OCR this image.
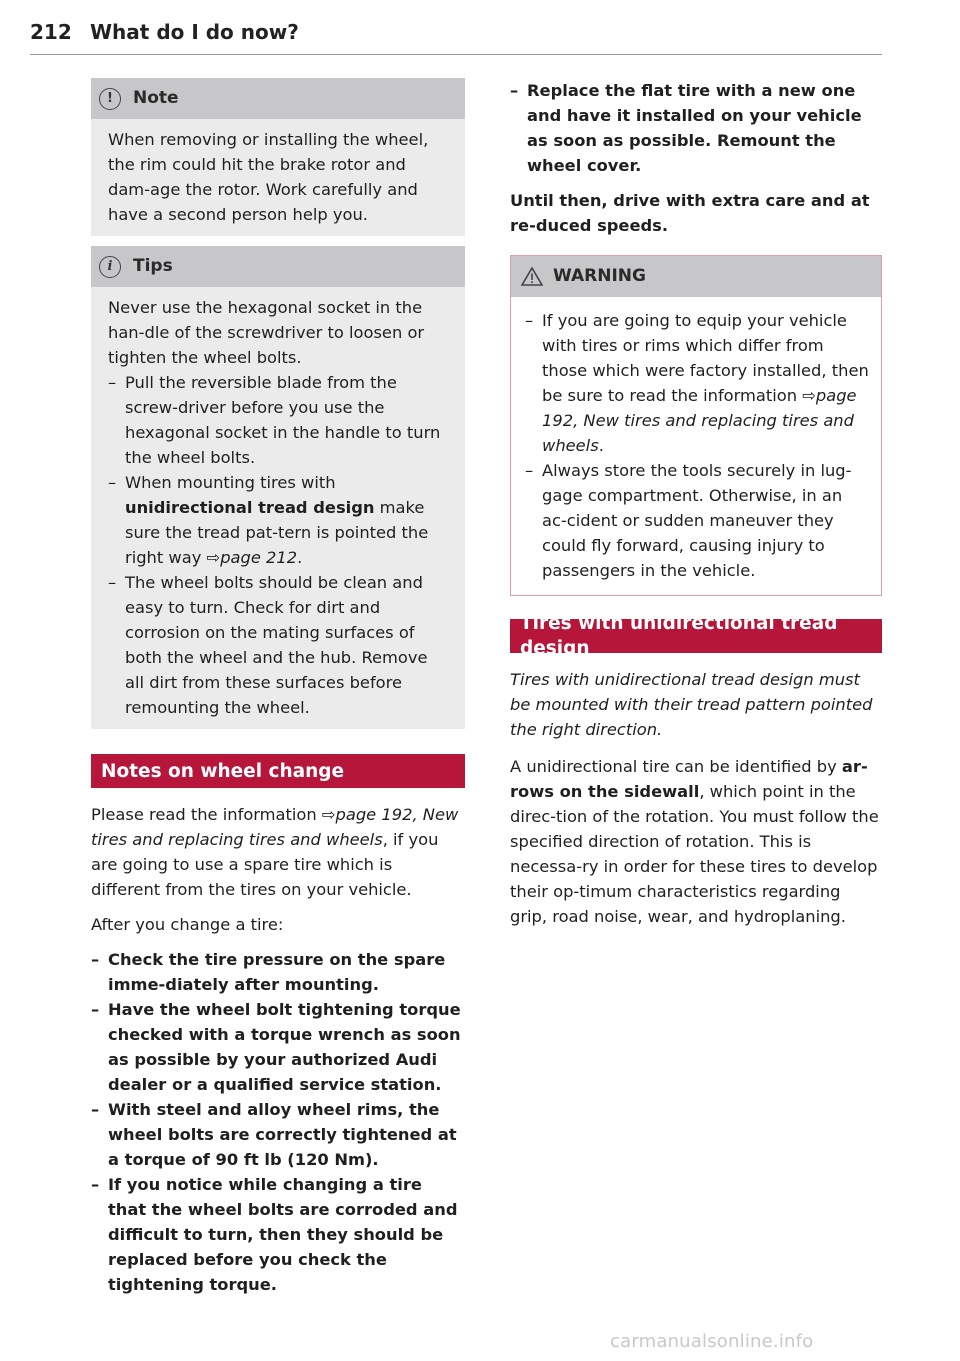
212 What do I do now?
!	Note

When removing or installing the wheel, the rim could hit the brake rotor and dam-age the rotor. Work carefully and have a second person help you.

i	Tips

Never use the hexagonal socket in the han-dle of the screwdriver to loosen or tighten the wheel bolts.

– Pull the reversible blade from the screw-driver before you use the hexagonal socket in the handle to turn the wheel bolts.
– When mounting tires with unidirectional tread design make sure the tread pat-tern is pointed the right way ⇨page 212.
– The wheel bolts should be clean and easy to turn. Check for dirt and corrosion on the mating surfaces of both the wheel and the hub. Remove all dirt from these surfaces before remounting the wheel.
Notes on wheel change

Please read the information ⇨page 192, New tires and replacing tires and wheels, if you are going to use a spare tire which is different from the tires on your vehicle.

After you change a tire:

– Check the tire pressure on the spare imme-diately after mounting.
– Have the wheel bolt tightening torque checked with a torque wrench as soon as possible by your authorized Audi dealer or a qualified service station.
– With steel and alloy wheel rims, the wheel bolts are correctly tightened at a torque of 90 ft lb (120 Nm).
– If you notice while changing a tire that the wheel bolts are corroded and difficult to turn, then they should be replaced before you check the tightening torque.
– Replace the flat tire with a new one and have it installed on your vehicle as soon as possible. Remount the wheel cover.

Until then, drive with extra care and at re-duced speeds.

WARNING
– If you are going to equip your vehicle with tires or rims which differ from those which were factory installed, then be sure to read the information ⇨page 192, New tires and replacing tires and wheels.
– Always store the tools securely in lug-gage compartment. Otherwise, in an ac-cident or sudden maneuver they could fly forward, causing injury to passengers in the vehicle.
Tires with unidirectional tread design

Tires with unidirectional tread design must be mounted with their tread pattern pointed the right direction.

A unidirectional tire can be identified by ar-rows on the sidewall, which point in the direc-tion of the rotation. You must follow the specified direction of rotation. This is necessa-ry in order for these tires to develop their op-timum characteristics regarding grip, road noise, wear, and hydroplaning.

carmanualsonline.info
